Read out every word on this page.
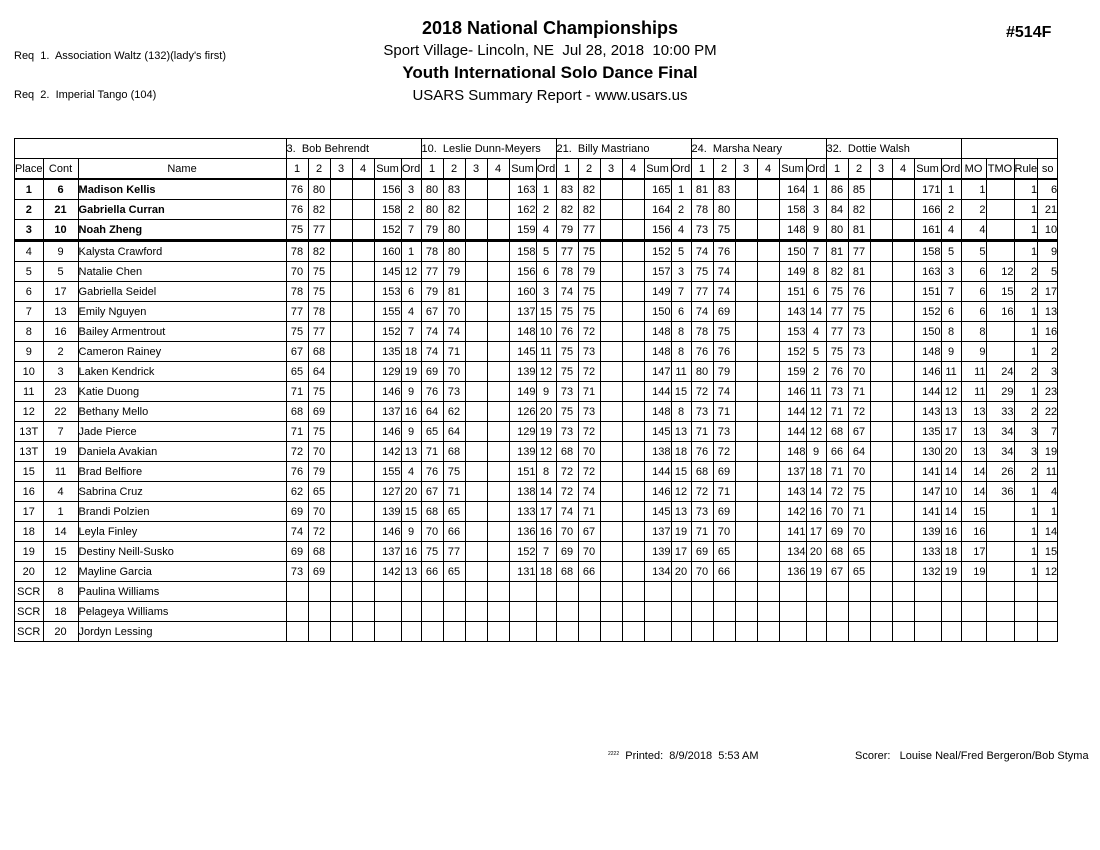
Req  1.  Association Waltz (132)(lady's first)

Req  2.  Imperial Tango (104)

2018 National Championships
Sport Village- Lincoln, NE  Jul 28, 2018  10:00 PM
Youth International Solo Dance Final
USARS Summary Report - www.usars.us
#514F
			3.  Bob Behrendt						10.  Leslie Dunn-Meyers						21.  Billy Mastriano						24.  Marsha Neary						32.  Dottie Walsh									
Place	Cont	Name	1	2	3	4	Sum	Ord	1	2	3	4	Sum	Ord	1	2	3	4	Sum	Ord	1	2	3	4	Sum	Ord	1	2	3	4	Sum	Ord	MO	TMO	Rule	so
1	6	Madison Kellis	76	80			156	3	80	83			163	1	83	82			165	1	81	83			164	1	86	85			171	1	1		1	6
2	21	Gabriella Curran	76	82			158	2	80	82			162	2	82	82			164	2	78	80			158	3	84	82			166	2	2		1	21
3	10	Noah Zheng	75	77			152	7	79	80			159	4	79	77			156	4	73	75			148	9	80	81			161	4	4		1	10
4	9	Kalysta Crawford	78	82			160	1	78	80			158	5	77	75			152	5	74	76			150	7	81	77			158	5	5		1	9
5	5	Natalie Chen	70	75			145	12	77	79			156	6	78	79			157	3	75	74			149	8	82	81			163	3	6	12	2	5
6	17	Gabriella Seidel	78	75			153	6	79	81			160	3	74	75			149	7	77	74			151	6	75	76			151	7	6	15	2	17
7	13	Emily Nguyen	77	78			155	4	67	70			137	15	75	75			150	6	74	69			143	14	77	75			152	6	6	16	1	13
8	16	Bailey Armentrout	75	77			152	7	74	74			148	10	76	72			148	8	78	75			153	4	77	73			150	8	8		1	16
9	2	Cameron Rainey	67	68			135	18	74	71			145	11	75	73			148	8	76	76			152	5	75	73			148	9	9		1	2
10	3	Laken Kendrick	65	64			129	19	69	70			139	12	75	72			147	11	80	79			159	2	76	70			146	11	11	24	2	3
11	23	Katie Duong	71	75			146	9	76	73			149	9	73	71			144	15	72	74			146	11	73	71			144	12	11	29	1	23
12	22	Bethany Mello	68	69			137	16	64	62			126	20	75	73			148	8	73	71			144	12	71	72			143	13	13	33	2	22
13T	7	Jade Pierce	71	75			146	9	65	64			129	19	73	72			145	13	71	73			144	12	68	67			135	17	13	34	3	7
13T	19	Daniela Avakian	72	70			142	13	71	68			139	12	68	70			138	18	76	72			148	9	66	64			130	20	13	34	3	19
15	11	Brad Belfiore	76	79			155	4	76	75			151	8	72	72			144	15	68	69			137	18	71	70			141	14	14	26	2	11
16	4	Sabrina Cruz	62	65			127	20	67	71			138	14	72	74			146	12	72	71			143	14	72	75			147	10	14	36	1	4
17	1	Brandi Polzien	69	70			139	15	68	65			133	17	74	71			145	13	73	69			142	16	70	71			141	14	15		1	1
18	14	Leyla Finley	74	72			146	9	70	66			136	16	70	67			137	19	71	70			141	17	69	70			139	16	16		1	14
19	15	Destiny Neill-Susko	69	68			137	16	75	77			152	7	69	70			139	17	69	65			134	20	68	65			133	18	17		1	15
20	12	Mayline Garcia	73	69			142	13	66	65			131	18	68	66			134	20	70	66			136	19	67	65			132	19	19		1	12
SCR	8	Paulina Williams																																		
SCR	18	Pelageya Williams																																		
SCR	20	Jordyn Lessing																																		
$^{2222}$ Printed:  8/9/2018  5:53 AM	Scorer:   Louise Neal/Fred Bergeron/Bob Styma
